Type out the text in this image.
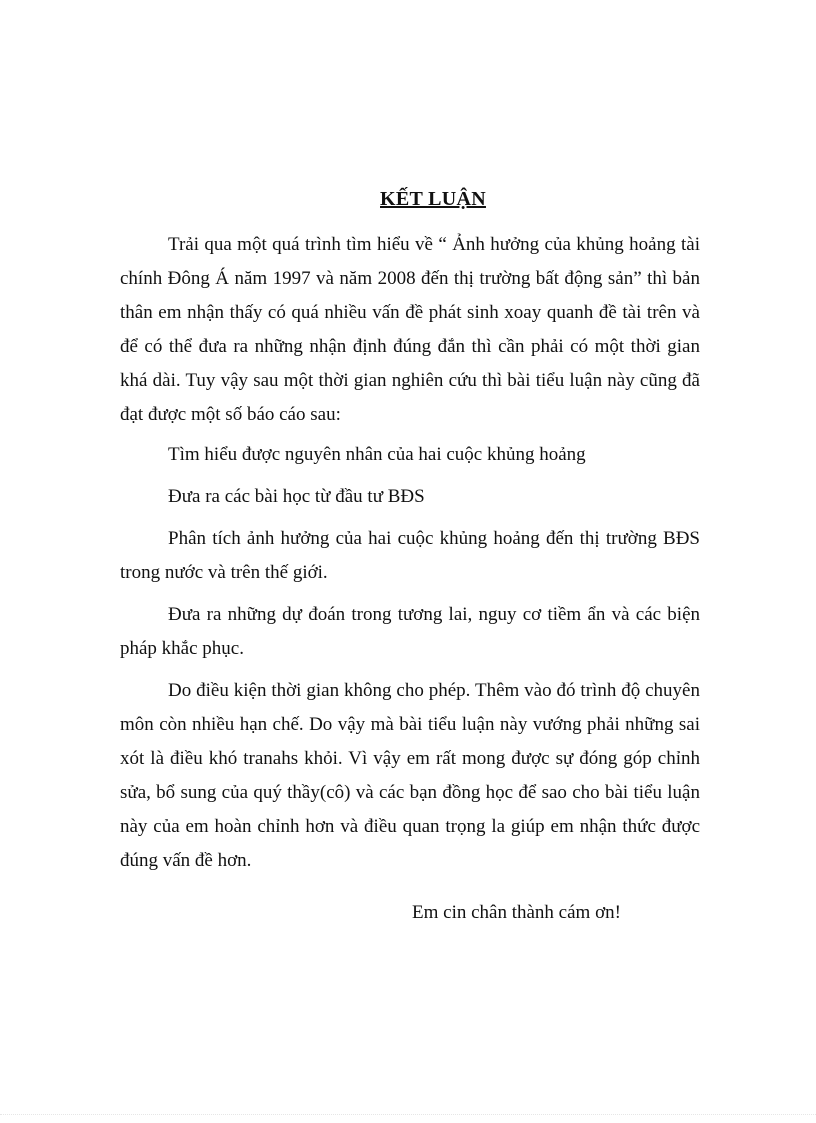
KẾT LUẬN

Trải qua một quá trình tìm hiểu về “ Ảnh hưởng của khủng hoảng tài chính Đông Á năm 1997 và năm 2008 đến thị trường bất động sản” thì bản thân em nhận thấy có quá nhiều vấn đề phát sinh xoay quanh đề tài trên và để có thể đưa ra những nhận định đúng đắn thì cần phải có một thời gian khá dài. Tuy vậy sau một thời gian nghiên cứu thì bài tiểu luận này cũng đã đạt được một số báo cáo sau:

Tìm hiểu được nguyên nhân của hai cuộc khủng hoảng

Đưa ra các bài học từ đầu tư BĐS

Phân tích ảnh hưởng của hai cuộc khủng hoảng đến thị trường BĐS trong nước và trên thế giới.

Đưa ra những dự đoán trong tương lai, nguy cơ tiềm ẩn và các biện pháp khắc phục.

Do điều kiện thời gian không cho phép. Thêm vào đó trình độ chuyên môn còn nhiều hạn chế. Do vậy mà bài tiểu luận này vướng phải những sai xót là điều khó tranahs khỏi. Vì vậy em rất mong được sự đóng góp chỉnh sửa, bổ sung của quý thầy(cô) và các bạn đồng học để sao cho bài tiểu luận này của em hoàn chỉnh hơn và điều quan trọng la giúp em nhận thức được đúng vấn đề hơn.

Em cin chân thành cám ơn!
